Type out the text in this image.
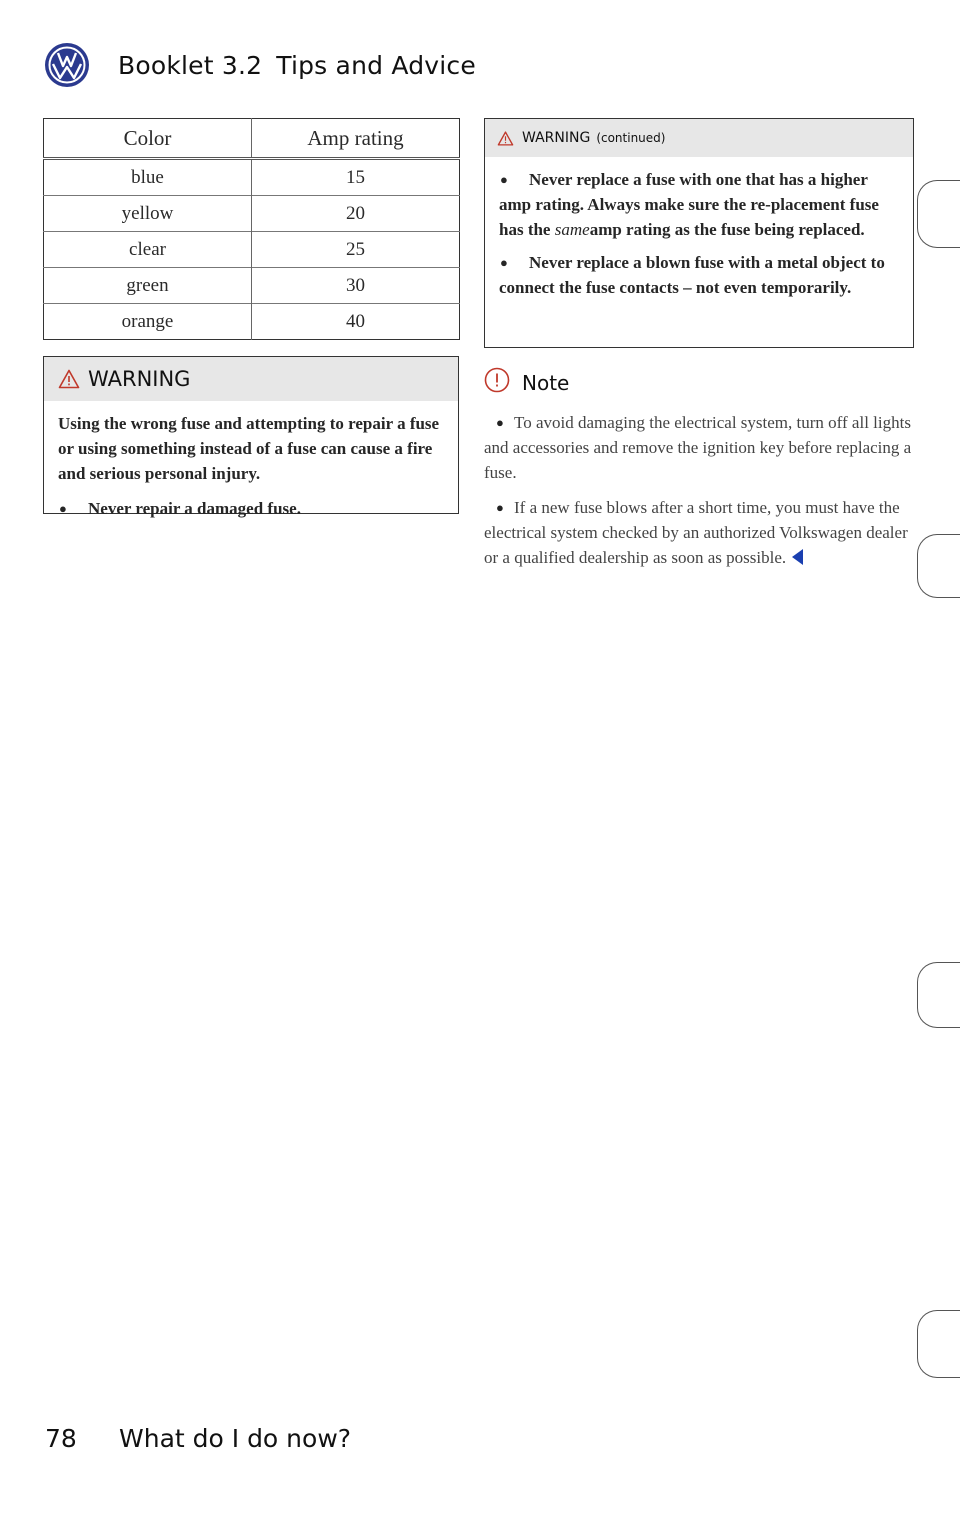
Booklet 3.2 Tips and Advice
Color	Amp rating
blue	15
yellow	20
clear	25
green	30
orange	40
WARNING

Using the wrong fuse and attempting to repair a fuse or using something instead of a fuse can cause a fire and serious personal injury.

● Never repair a damaged fuse.
WARNING (continued)
● Never replace a fuse with one that has a higher amp rating. Always make sure the re-placement fuse has the sameamp rating as the fuse being replaced.
● Never replace a blown fuse with a metal object to connect the fuse contacts – not even temporarily.
Note
● To avoid damaging the electrical system, turn off all lights and accessories and remove the ignition key before replacing a fuse.
● If a new fuse blows after a short time, you must have the electrical system checked by an authorized Volkswagen dealer or a qualified dealership as soon as possible.
78 What do I do now?
